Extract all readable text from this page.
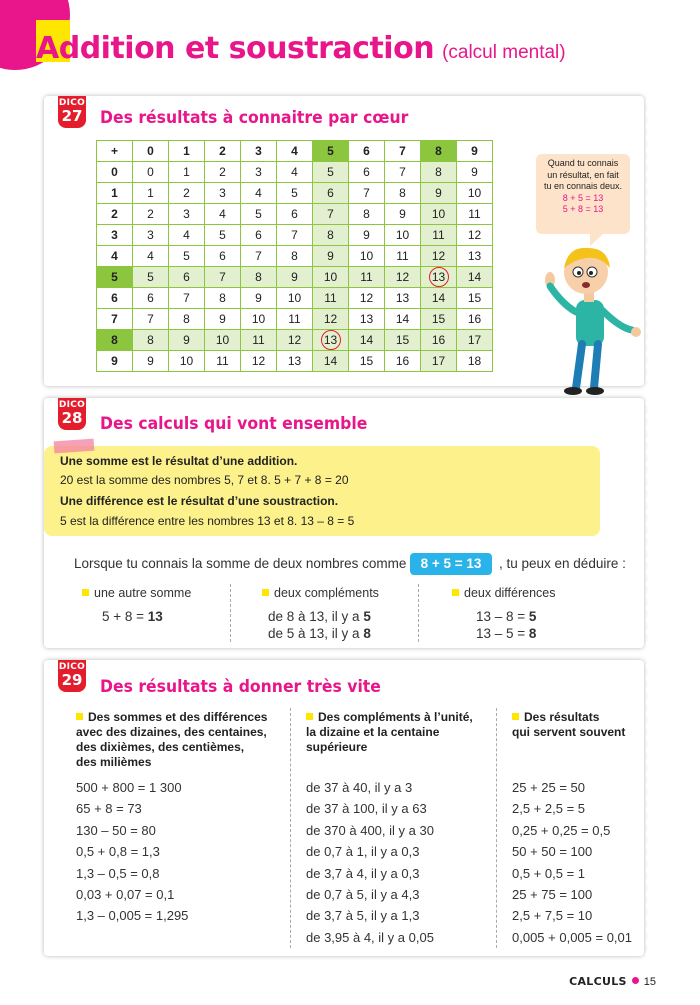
Addition et soustraction (calcul mental)
DICO
27 Des résultats à connaitre par cœur
+	0	1	2	3	4	5	6	7	8	9
0	0	1	2	3	4	5	6	7	8	9
1	1	2	3	4	5	6	7	8	9	10
2	2	3	4	5	6	7	8	9	10	11
3	3	4	5	6	7	8	9	10	11	12
4	4	5	6	7	8	9	10	11	12	13
5	5	6	7	8	9	10	11	12	13	14
6	6	7	8	9	10	11	12	13	14	15
7	7	8	9	10	11	12	13	14	15	16
8	8	9	10	11	12	13	14	15	16	17
9	9	10	11	12	13	14	15	16	17	18
Quand tu connais
un résultat, en fait
tu en connais deux.
8 + 5 = 13
5 + 8 = 13
DICO
28 Des calculs qui vont ensemble
Une somme est le résultat d’une addition.
20 est la somme des nombres 5, 7 et 8. 5 + 7 + 8 = 20
Une différence est le résultat d’une soustraction.
5 est la différence entre les nombres 13 et 8. 13 – 8 = 5
Lorsque tu connais la somme de deux nombres comme	8 + 5 = 13	, tu peux en déduire :
une autre somme
5 + 8 = 13
deux compléments
de 8 à 13, il y a 5
de 5 à 13, il y a 8
deux différences
13 – 8 = 5
13 – 5 = 8
DICO
29 Des résultats à donner très vite
Des sommes et des différences
avec des dizaines, des centaines,
des dixièmes, des centièmes,
des milièmes
500 + 800 = 1 300
65 + 8 = 73
130 – 50 = 80
0,5 + 0,8 = 1,3
1,3 – 0,5 = 0,8
0,03 + 0,07 = 0,1
1,3 – 0,005 = 1,295
Des compléments à l’unité,
la dizaine et la centaine
supérieure
de 37 à 40, il y a 3
de 37 à 100, il y a 63
de 370 à 400, il y a 30
de 0,7 à 1, il y a 0,3
de 3,7 à 4, il y a 0,3
de 0,7 à 5, il y a 4,3
de 3,7 à 5, il y a 1,3
de 3,95 à 4, il y a 0,05
Des résultats
qui servent souvent
25 + 25 = 50
2,5 + 2,5 = 5
0,25 + 0,25 = 0,5
50 + 50 = 100
0,5 + 0,5 = 1
25 + 75 = 100
2,5 + 7,5 = 10
0,005 + 0,005 = 0,01
CALCULS 15
